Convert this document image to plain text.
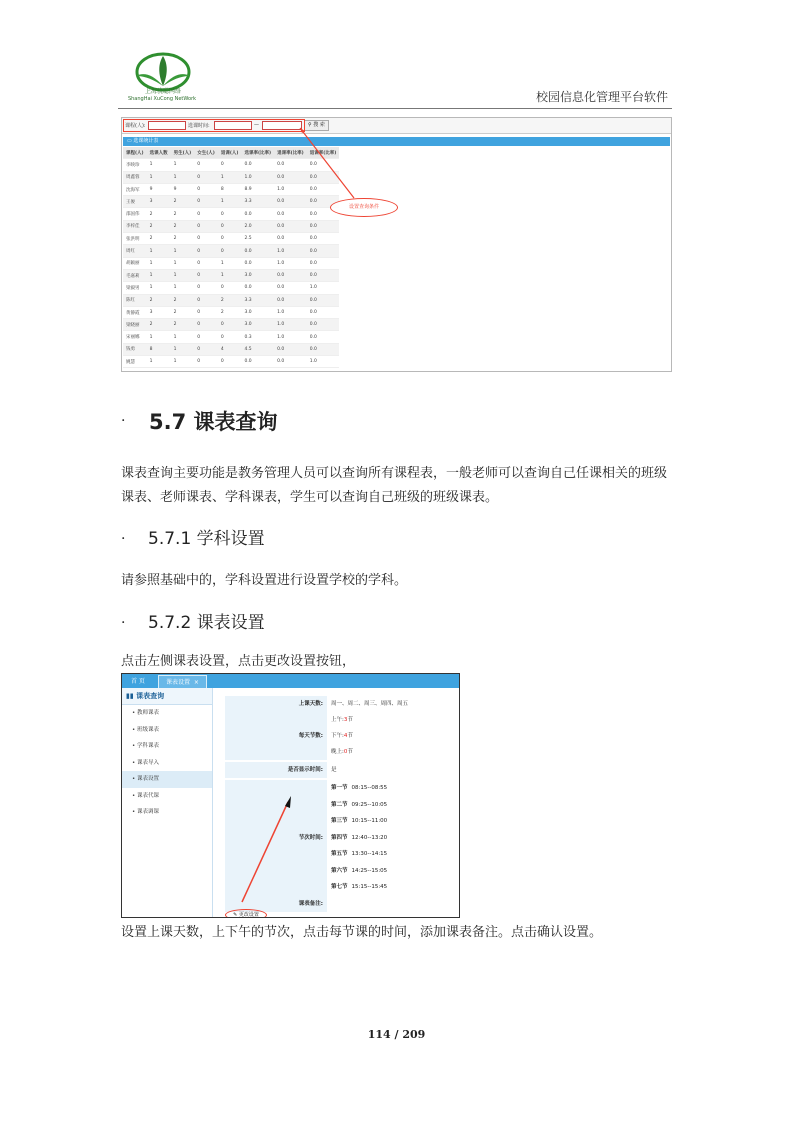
上海骁聪网络
ShangHai XuCong NetWork	校园信息化管理平台软件
课程(人):	选课时间:	—	⚲ 搜 索
▭ 选课统计表
课程(人)	选课人数	男生(人)	女生(人)	退课(人)	选课率(比率)	退课率(比率)	退课率(比率)
李映珍	1	1	0	0	0.0	0.0	0.0
周鑫蓉	1	1	0	1	1.0	0.0	0.0
沈海军	9	9	0	8	8.9	1.0	0.0
王俊	3	2	0	1	3.3	0.0	0.0
邵国伟	2	2	0	0	0.0	0.0	0.0
李梓佳	2	2	0	0	2.0	0.0	0.0
张洪明	2	2	0	0	2.5	0.0	0.0
周红	1	1	0	0	0.0	1.0	0.0
胡颖丽	1	1	0	1	0.0	1.0	0.0
毛嘉莉	1	1	0	1	3.0	0.0	0.0
梁毅男	1	1	0	0	0.0	0.0	1.0
陈红	2	2	0	2	3.3	0.0	0.0
黄静霞	3	2	0	2	3.0	1.0	0.0
梁晓丽	2	2	0	0	3.0	1.0	0.0
宋丽娜	1	1	0	0	0.3	1.0	0.0
钱勇	8	1	0	4	4.5	0.0	0.0
姚慧	1	1	0	0	0.0	0.0	1.0
设置查询条件
· 5.7 课表查询
课表查询主要功能是教务管理人员可以查询所有课程表，一般老师可以查询自己任课相关的班级课表、老师课表、学科课表，学生可以查询自己班级的班级课表。
· 5.7.1 学科设置
请参照基础中的，学科设置进行设置学校的学科。
· 5.7.2 课表设置
点击左侧课表设置，点击更改设置按钮，
首 页	课表设置 ×
▮▮ 课表查询
• 教师课表
• 班级课表
• 学科课表
• 课表导入
• 课表设置
• 课表代课
• 课表调课
上课天数:	周一、周二、周三、周四、周五
每天节数:
上午:3节
下午:4节
晚上:0节
是否显示时间:	是
节次时间:
第一节 08:15--08:55
第二节 09:25--10:05
第三节 10:15--11:00
第四节 12:40--13:20
第五节 13:30--14:15
第六节 14:25--15:05
第七节 15:15--15:45
课表备注:
✎ 更改设置
设置上课天数，上下午的节次，点击每节课的时间，添加课表备注。点击确认设置。
114 / 209
